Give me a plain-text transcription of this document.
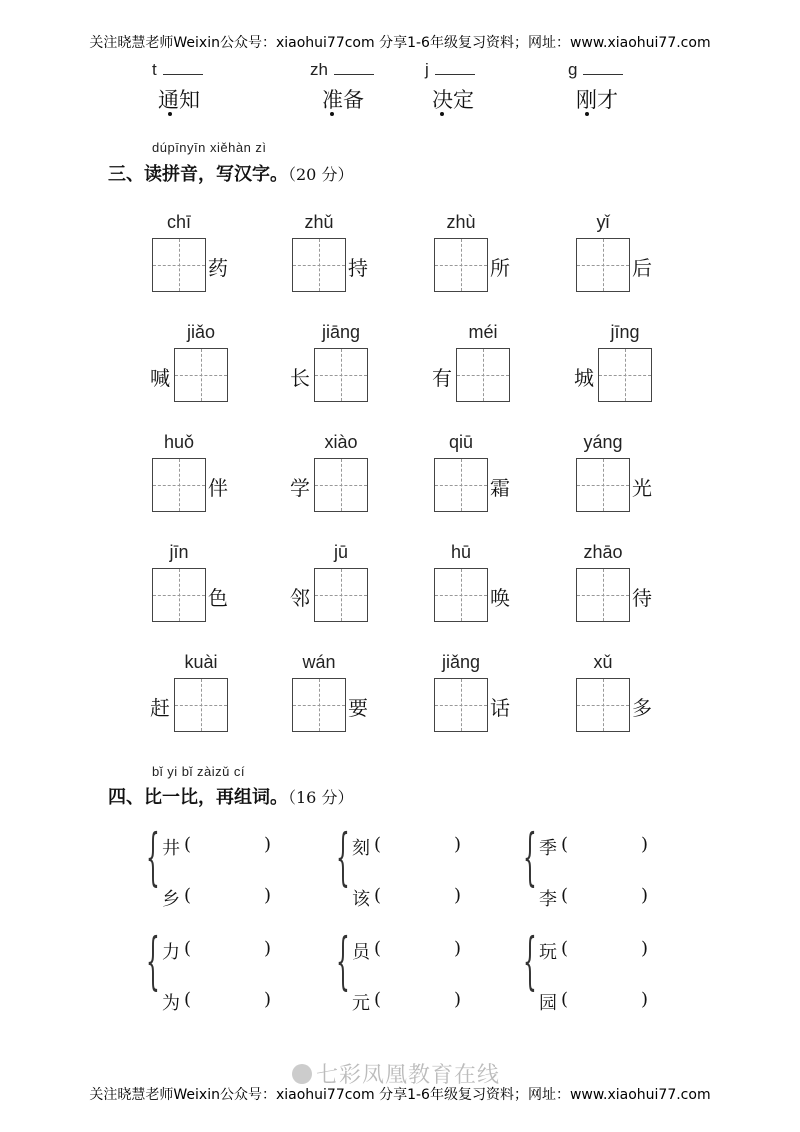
关注晓慧老师Weixin公众号：xiaohui77com 分享1-6年级复习资料；网址：www.xiaohui77.com
t
通知
zh
准备
j
决定
g
刚才
dúpīnyīn xiěhàn zì
三、读拼音，写汉字。（20 分）
chī
药
zhǔ
持
zhù
所
yǐ
后
jiǎo
喊
jiāng
长
méi
有
jīng
城
huǒ
伴
xiào
学
qiū
霜
yáng
光
jīn
色
jū
邻
hū
唤
zhāo
待
kuài
赶
wán
要
jiǎng
话
xǔ
多
bǐ yi bǐ zàizǔ cí
四、比一比，再组词。（16 分）
{ 井 (	)
乡 (	)
{ 刻 (	)
该 (	)
{ 季 (	)
李 (	)
{ 力 (	)
为 (	)
{ 员 (	)
元 (	)
{ 玩 (	)
园 (	)
七彩凤凰教育在线
关注晓慧老师Weixin公众号：xiaohui77com 分享1-6年级复习资料；网址：www.xiaohui77.com
